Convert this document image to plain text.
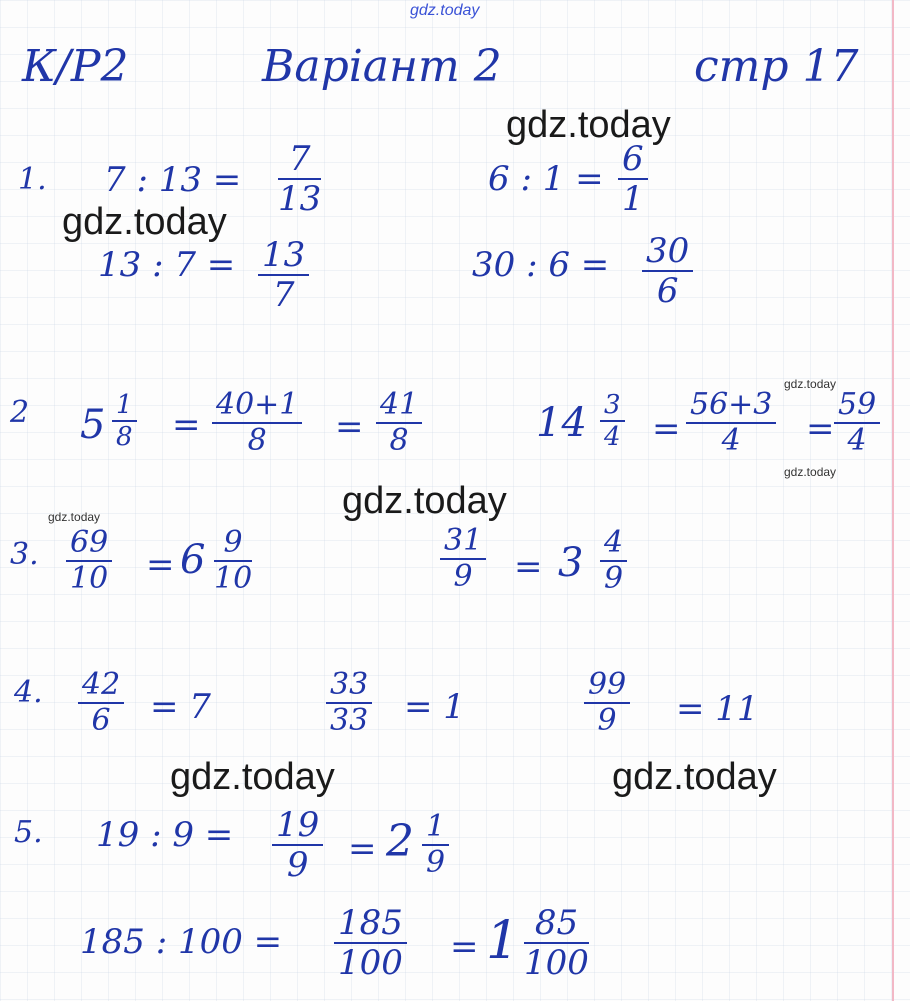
gdz.today
gdz.today
gdz.today
gdz.today
gdz.today	gdz.today
gdz.today
gdz.today
gdz.today
К/Р2	Варіант 2	стр 17
1. 7 : $13 = \frac{7}{13}$
13 : $7 = \frac{13}{7}$
6 : $1 = \frac{6}{1}$
30 : $6 = \frac{30}{6}$
2 $5 \frac{1}{8} = \frac{40+1}{8} = \frac{41}{8}$	$14 \frac{3}{4} = \frac{56+3}{4} = \frac{59}{4}$
3. $\frac{69}{10} = 6 \frac{9}{10}$	$\frac{31}{9} = 3 \frac{4}{9}$
4. $\frac{42}{6} = 7$	$\frac{33}{33} = 1$	$\frac{99}{9} = 11$
5. 19 : $9 = \frac{19}{9} = 2 \frac{1}{9}$
185 : $100 = \frac{185}{100} = 1 \frac{85}{100}$
